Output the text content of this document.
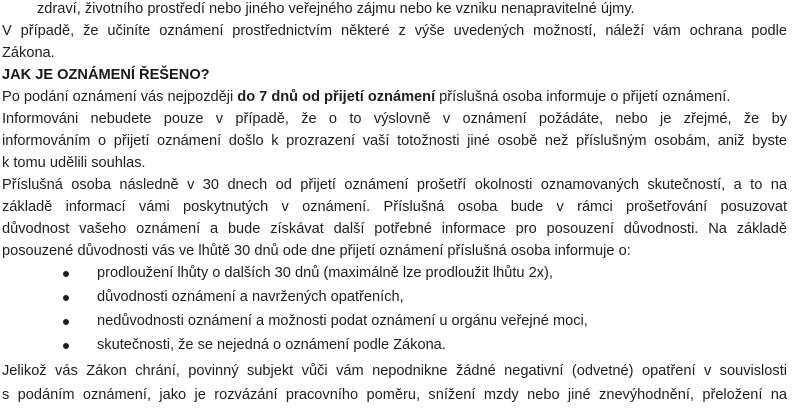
zdraví, životního prostředí nebo jiného veřejného zájmu nebo ke vzniku nenapravitelné újmy.
V případě, že učiníte oznámení prostřednictvím některé z výše uvedených možností, náleží vám ochrana podle
Zákona.
JAK JE OZNÁMENÍ ŘEŠENO?
Po podání oznámení vás nejpozději do 7 dnů od přijetí oznámení příslušná osoba informuje o přijetí oznámení.
Informováni nebudete pouze v případě, že o to výslovně v oznámení požádáte, nebo je zřejmé, že by
informováním o přijetí oznámení došlo k prozrazení vaší totožnosti jiné osobě než příslušným osobám, aniž byste
k tomu udělili souhlas.
Příslušná osoba následně v 30 dnech od přijetí oznámení prošetří okolnosti oznamovaných skutečností, a to na
základě informací vámi poskytnutých v oznámení. Příslušná osoba bude v rámci prošetřování posuzovat
důvodnost vašeho oznámení a bude získávat další potřebné informace pro posouzení důvodnosti. Na základě
posouzené důvodnosti vás ve lhůtě 30 dnů ode dne přijetí oznámení příslušná osoba informuje o:
prodloužení lhůty o dalších 30 dnů (maximálně lze prodloužit lhůtu 2x),
důvodnosti oznámení a navržených opatřeních,
nedůvodnosti oznámení a možnosti podat oznámení u orgánu veřejné moci,
skutečnosti, že se nejedná o oznámení podle Zákona.
Jelikož vás Zákon chrání, povinný subjekt vůči vám nepodnikne žádné negativní (odvetné) opatření v souvislosti
s podáním oznámení, jako je rozvázání pracovního poměru, snížení mzdy nebo jiné znevýhodnění, přeložení na
